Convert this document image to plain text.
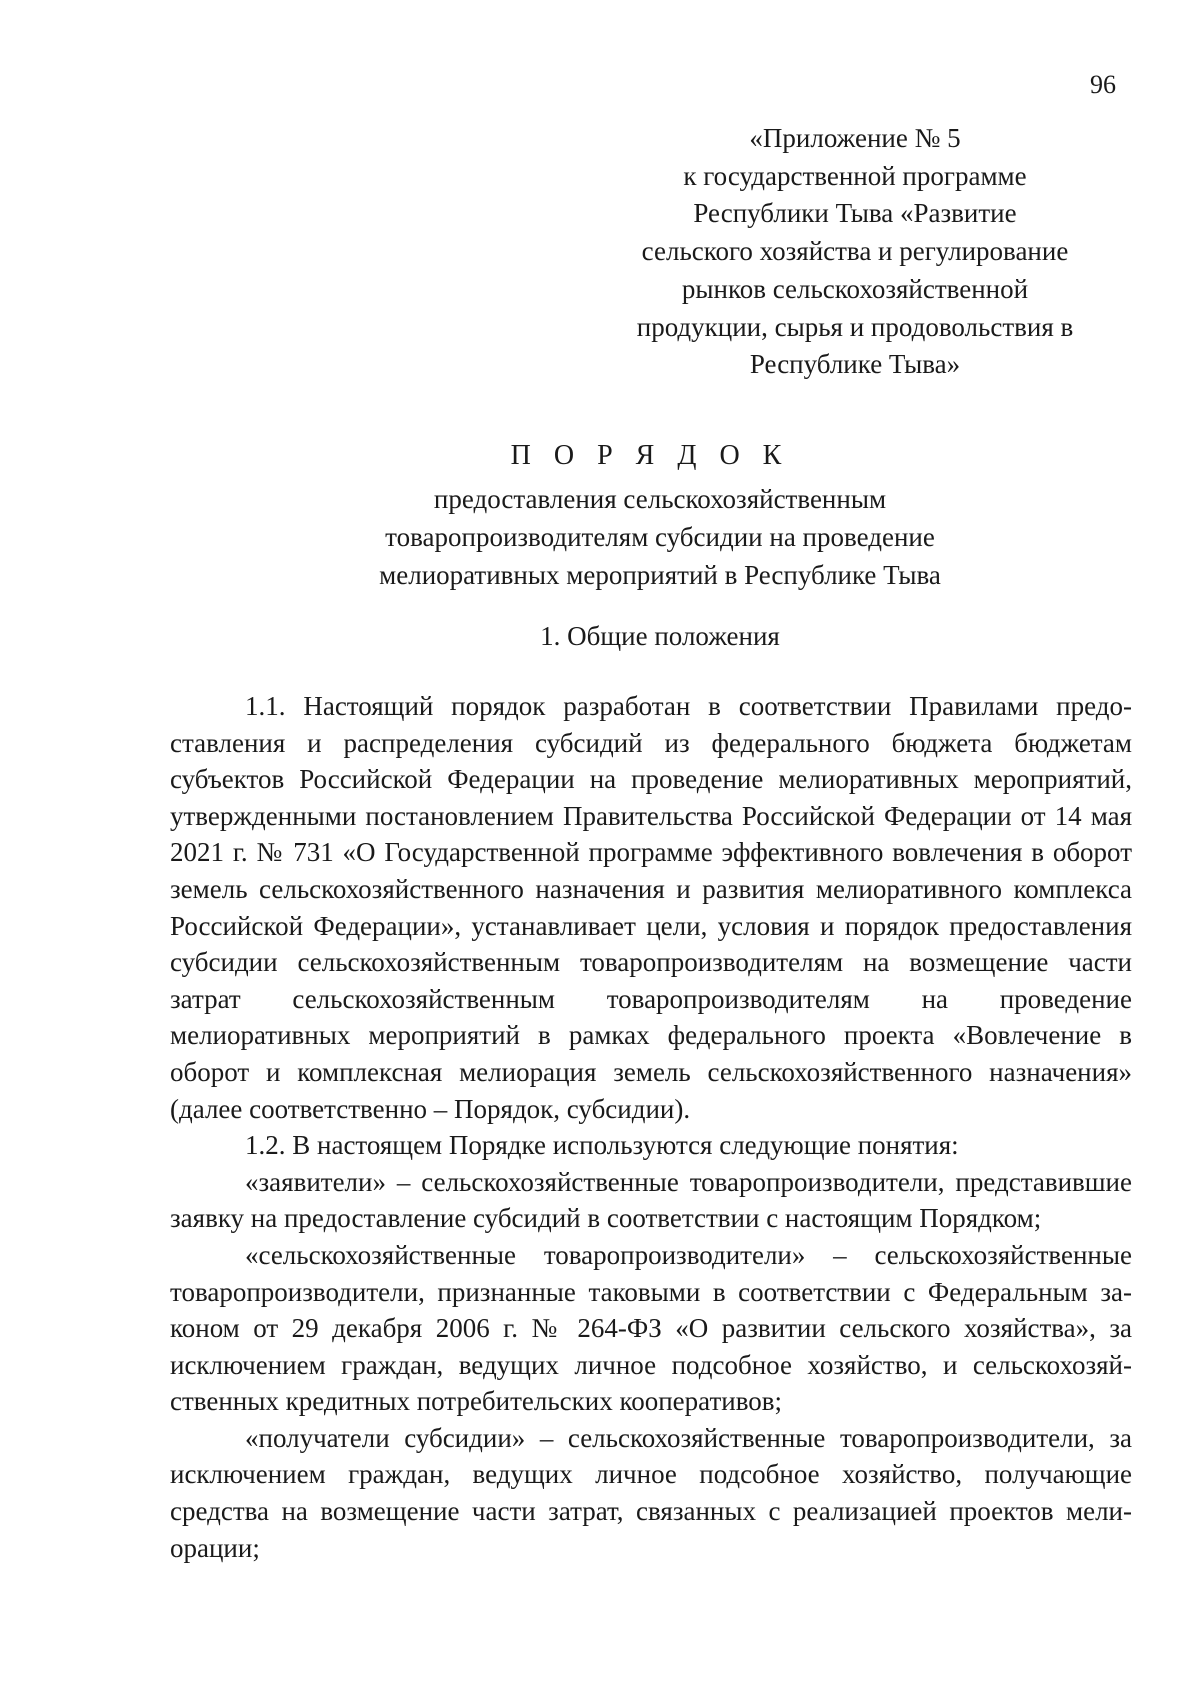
96
«Приложение № 5
к государственной программе
Республики Тыва «Развитие
сельского хозяйства и регулирование
рынков сельскохозяйственной
продукции, сырья и продовольствия в
Республике Тыва»
П О Р Я Д О К
предоставления сельскохозяйственным
товаропроизводителям субсидии на проведение
мелиоративных мероприятий в Республике Тыва
1. Общие положения

1.1. Настоящий порядок разработан в соответствии Правилами предоставления и распределения субсидий из федерального бюджета бюджетам субъектов Российской Федерации на проведение мелиоративных мероприятий, утвержденными постановлением Правительства Российской Федерации от 14 мая 2021 г. № 731 «О Государственной программе эффективного вовлечения в оборот земель сельскохозяйственного назначения и развития мелиоративного комплекса Российской Федерации», устанавливает цели, условия и порядок предоставления субсидии сельскохозяйственным товаропроизводителям на возмещение части затрат сельскохозяйственным товаропроизводителям на проведение мелиоративных мероприятий в рамках федерального проекта «Вовлечение в оборот и комплексная мелиорация земель сельскохозяйственного назначения» (далее соответственно – Порядок, субсидии).

1.2. В настоящем Порядке используются следующие понятия:

«заявители» – сельскохозяйственные товаропроизводители, представившие заявку на предоставление субсидий в соответствии с настоящим Порядком;

«сельскохозяйственные товаропроизводители» – сельскохозяйственные товаропроизводители, признанные таковыми в соответствии с Федеральным законом от 29 декабря 2006 г. № 264-ФЗ «О развитии сельского хозяйства», за исключением граждан, ведущих личное подсобное хозяйство, и сельскохозяйственных кредитных потребительских кооперативов;

«получатели субсидии» – сельскохозяйственные товаропроизводители, за исключением граждан, ведущих личное подсобное хозяйство, получающие средства на возмещение части затрат, связанных с реализацией проектов мелиорации;
